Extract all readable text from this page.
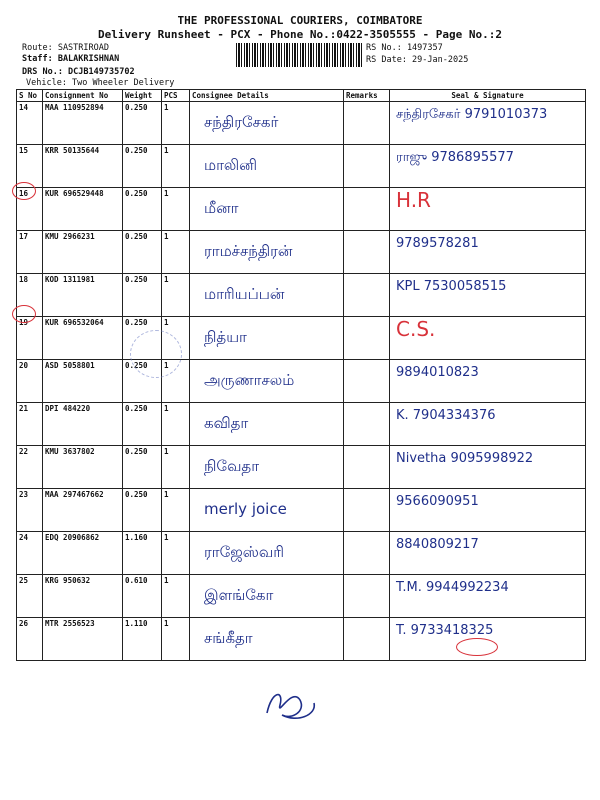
THE PROFESSIONAL COURIERS, COIMBATORE
Delivery Runsheet - PCX - Phone No.:0422-3505555 - Page No.:2
Route: SASTRIROAD
Staff: BALAKRISHNAN
DRS No.: DCJB149735702
Vehicle: Two Wheeler Delivery
RS No.: 1497357
RS Date: 29-Jan-2025
S No	Consignment No	Weight	PCS	Consignee Details	Remarks	Seal & Signature
14	MAA 110952894	0.250	1	சந்திரசேகர்		சந்திரசேகர் 9791010373

15	KRR 50135644	0.250	1	மாலினி		ராஜு 9786895577

16	KUR 696529448	0.250	1	மீனா		H.R

17	KMU 2966231	0.250	1	ராமச்சந்திரன்		9789578281

18	KOD 1311981	0.250	1	மாரியப்பன்		KPL 7530058515

19	KUR 696532064	0.250	1	நித்யா		C.S.

20	ASD 5058801	0.250	1	அருணாசலம்		9894010823

21	DPI 484220	0.250	1	கவிதா		K. 7904334376

22	KMU 3637802	0.250	1	நிவேதா		Nivetha 9095998922

23	MAA 297467662	0.250	1	merly joice		9566090951

24	EDQ 20906862	1.160	1	ராஜேஸ்வரி		8840809217

25	KRG 950632	0.610	1	இளங்கோ		T.M. 9944992234

26	MTR 2556523	1.110	1	சங்கீதா		T. 9733418325
